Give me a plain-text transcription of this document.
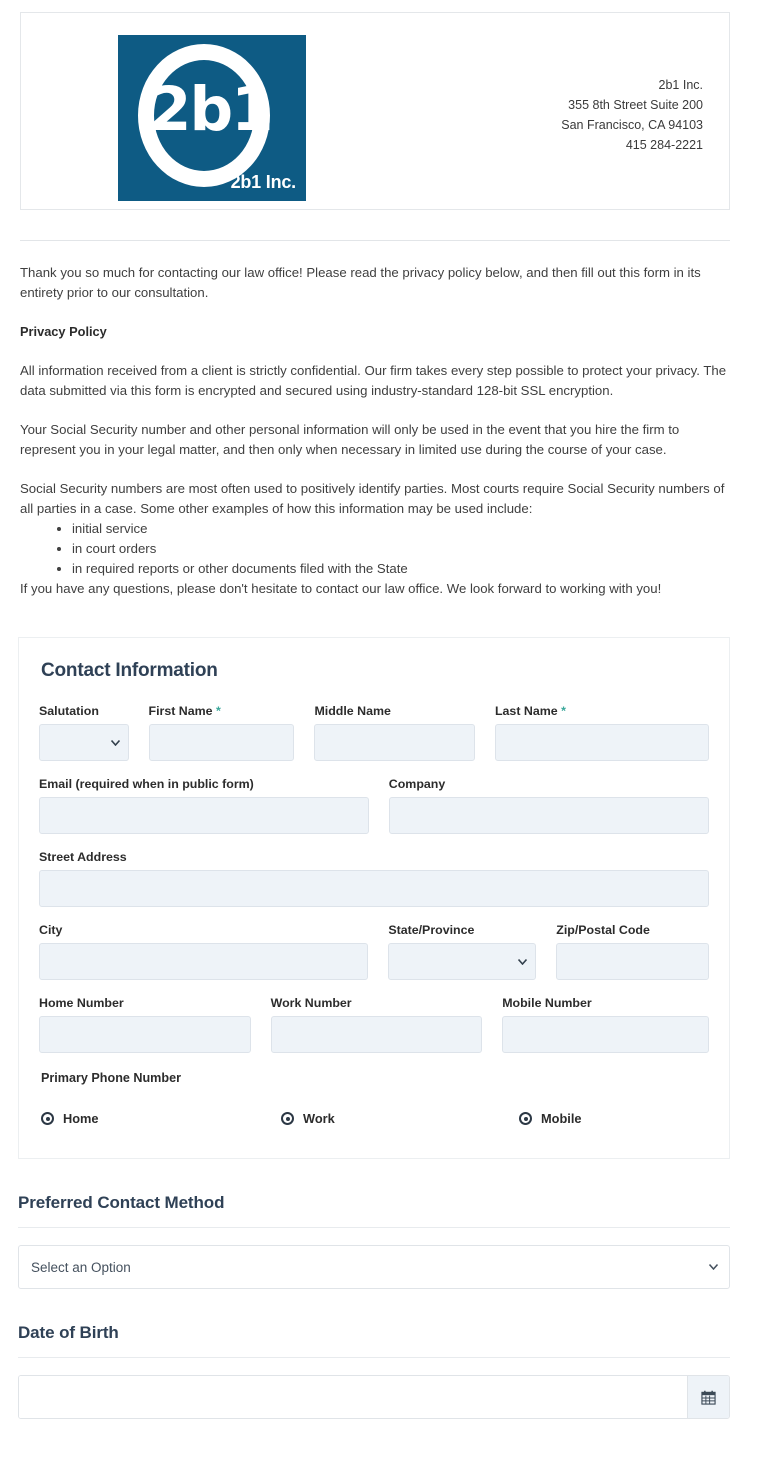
2b1
2b1 Inc.
2b1 Inc.
355 8th Street Suite 200
San Francisco, CA 94103
415 284-2221

Thank you so much for contacting our law office! Please read the privacy policy below, and then fill out this form in its entirety prior to our consultation.

Privacy Policy

All information received from a client is strictly confidential. Our firm takes every step possible to protect your privacy. The data submitted via this form is encrypted and secured using industry-standard 128-bit SSL encryption.

Your Social Security number and other personal information will only be used in the event that you hire the firm to represent you in your legal matter, and then only when necessary in limited use during the course of your case.

Social Security numbers are most often used to positively identify parties. Most courts require Social Security numbers of all parties in a case. Some other examples of how this information may be used include:

• initial service
• in court orders
• in required reports or other documents filed with the State

If you have any questions, please don't hesitate to contact our law office. We look forward to working with you!

Contact Information
Salutation	First Name *	Middle Name	Last Name *
Email (required when in public form)	Company
Street Address
City	State/Province	Zip/Postal Code
Home Number	Work Number	Mobile Number
Primary Phone Number
Home	Work	Mobile
Preferred Contact Method
Select an Option
Date of Birth
